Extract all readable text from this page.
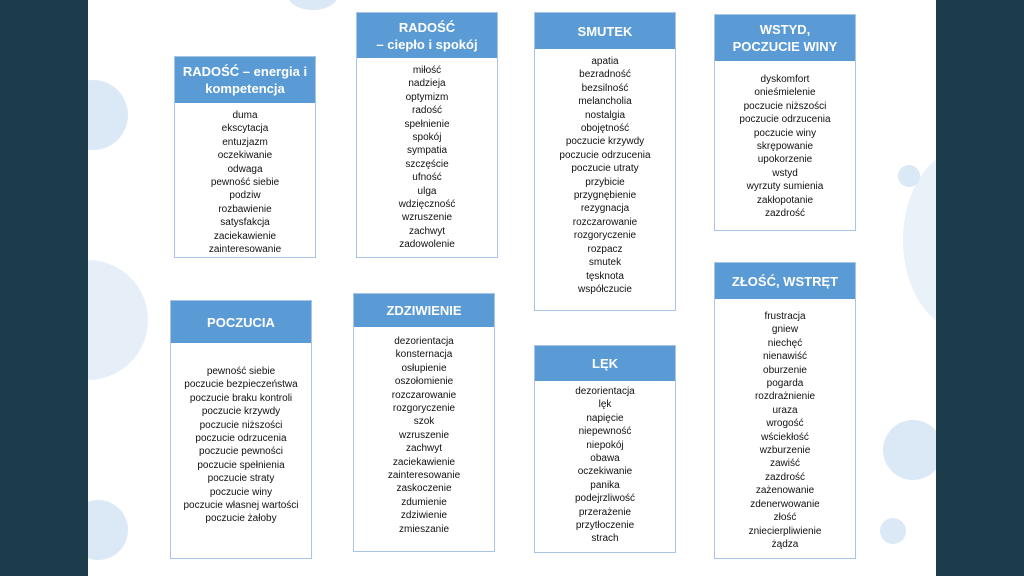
RADOŚĆ – energia i kompetencja
duma
ekscytacja
entuzjazm
oczekiwanie
odwaga
pewność siebie
podziw
rozbawienie
satysfakcja
zaciekawienie
zainteresowanie
RADOŚĆ
– ciepło i spokój
miłość
nadzieja
optymizm
radość
spełnienie
spokój
sympatia
szczęście
ufność
ulga
wdzięczność
wzruszenie
zachwyt
zadowolenie
SMUTEK
apatia
bezradność
bezsilność
melancholia
nostalgia
obojętność
poczucie krzywdy
poczucie odrzucenia
poczucie utraty
przybicie
przygnębienie
rezygnacja
rozczarowanie
rozgoryczenie
rozpacz
smutek
tęsknota
współczucie
WSTYD,
POCZUCIE WINY
dyskomfort
onieśmielenie
poczucie niższości
poczucie odrzucenia
poczucie winy
skrępowanie
upokorzenie
wstyd
wyrzuty sumienia
zakłopotanie
zazdrość
POCZUCIA
pewność siebie
poczucie bezpieczeństwa
poczucie braku kontroli
poczucie krzywdy
poczucie niższości
poczucie odrzucenia
poczucie pewności
poczucie spełnienia
poczucie straty
poczucie winy
poczucie własnej wartości
poczucie żałoby
ZDZIWIENIE
dezorientacja
konsternacja
osłupienie
oszołomienie
rozczarowanie
rozgoryczenie
szok
wzruszenie
zachwyt
zaciekawienie
zainteresowanie
zaskoczenie
zdumienie
zdziwienie
zmieszanie
LĘK
dezorientacja
lęk
napięcie
niepewność
niepokój
obawa
oczekiwanie
panika
podejrzliwość
przerażenie
przytłoczenie
strach
ZŁOŚĆ, WSTRĘT
frustracja
gniew
niechęć
nienawiść
oburzenie
pogarda
rozdrażnienie
uraza
wrogość
wściekłość
wzburzenie
zawiść
zazdrość
zażenowanie
zdenerwowanie
złość
zniecierpliwienie
żądza
